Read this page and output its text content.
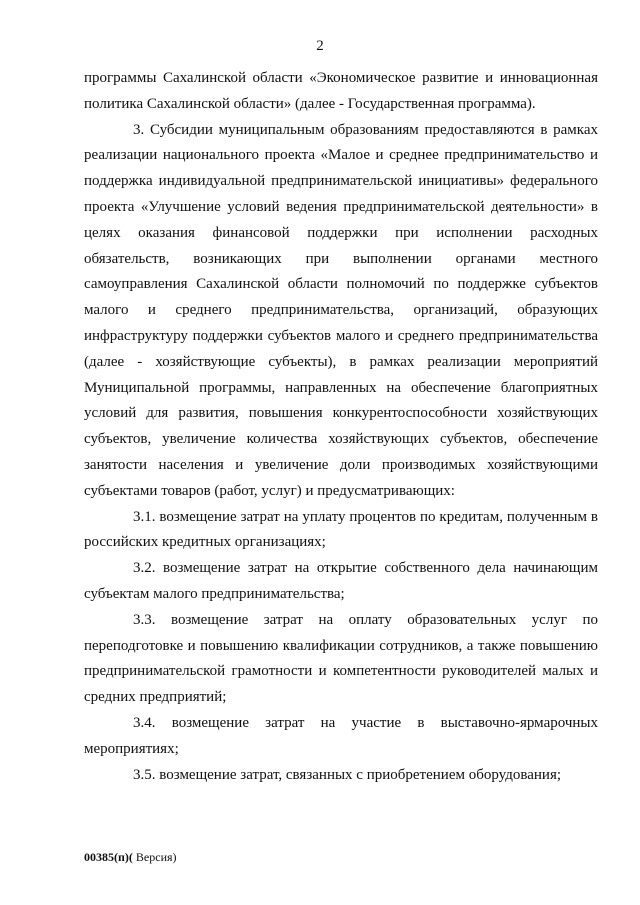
2

программы Сахалинской области «Экономическое развитие и инновационная политика Сахалинской области» (далее - Государственная программа).

3. Субсидии муниципальным образованиям предоставляются в рамках реализации национального проекта «Малое и среднее предпринимательство и поддержка индивидуальной предпринимательской инициативы» федерального проекта «Улучшение условий ведения предпринимательской деятельности» в целях оказания финансовой поддержки при исполнении расходных обязательств, возникающих при выполнении органами местного самоуправления Сахалинской области полномочий по поддержке субъектов малого и среднего предпринимательства, организаций, образующих инфраструктуру поддержки субъектов малого и среднего предпринимательства (далее - хозяйствующие субъекты), в рамках реализации мероприятий Муниципальной программы, направленных на обеспечение благоприятных условий для развития, повышения конкурентоспособности хозяйствующих субъектов, увеличение количества хозяйствующих субъектов, обеспечение занятости населения и увеличение доли производимых хозяйствующими субъектами товаров (работ, услуг) и предусматривающих:

3.1. возмещение затрат на уплату процентов по кредитам, полученным в российских кредитных организациях;

3.2. возмещение затрат на открытие собственного дела начинающим субъектам малого предпринимательства;

3.3. возмещение затрат на оплату образовательных услуг по переподготовке и повышению квалификации сотрудников, а также повышению предпринимательской грамотности и компетентности руководителей малых и средних предприятий;

3.4. возмещение затрат на участие в выставочно-ярмарочных мероприятиях;

3.5. возмещение затрат, связанных с приобретением оборудования;

00385(п)( Версия)
